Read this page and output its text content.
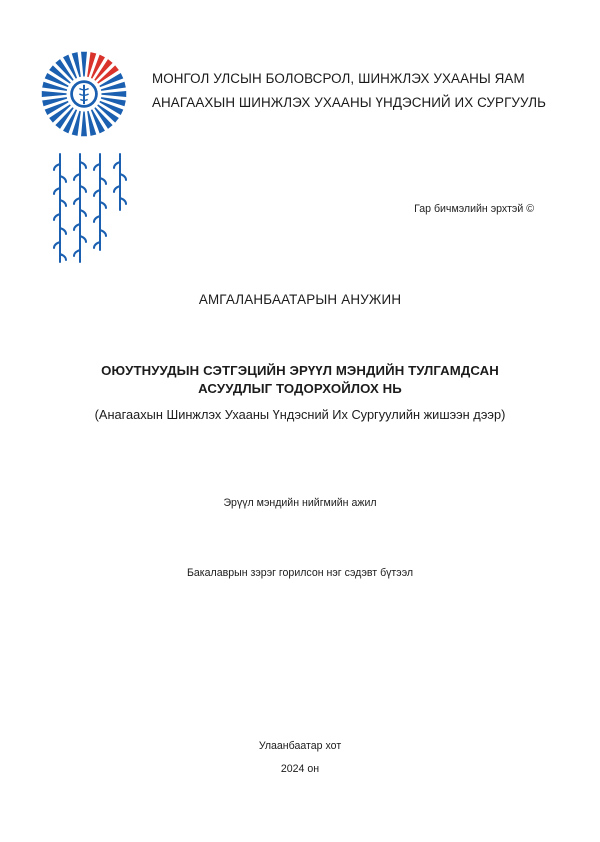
МОНГОЛ УЛСЫН БОЛОВСРОЛ, ШИНЖЛЭХ УХААНЫ ЯАМ
АНАГААХЫН ШИНЖЛЭХ УХААНЫ ҮНДЭСНИЙ ИХ СУРГУУЛЬ
Гар бичмэлийн эрхтэй ©
АМГАЛАНБААТАРЫН АНУЖИН
ОЮУТНУУДЫН СЭТГЭЦИЙН ЭРҮҮЛ МЭНДИЙН ТУЛГАМДСАН
АСУУДЛЫГ ТОДОРХОЙЛОХ НЬ
(Анагаахын Шинжлэх Ухааны Үндэсний Их Сургуулийн жишээн дээр)
Эрүүл мэндийн нийгмийн ажил
Бакалаврын зэрэг горилсон нэг сэдэвт бүтээл
Улаанбаатар хот
2024 он
